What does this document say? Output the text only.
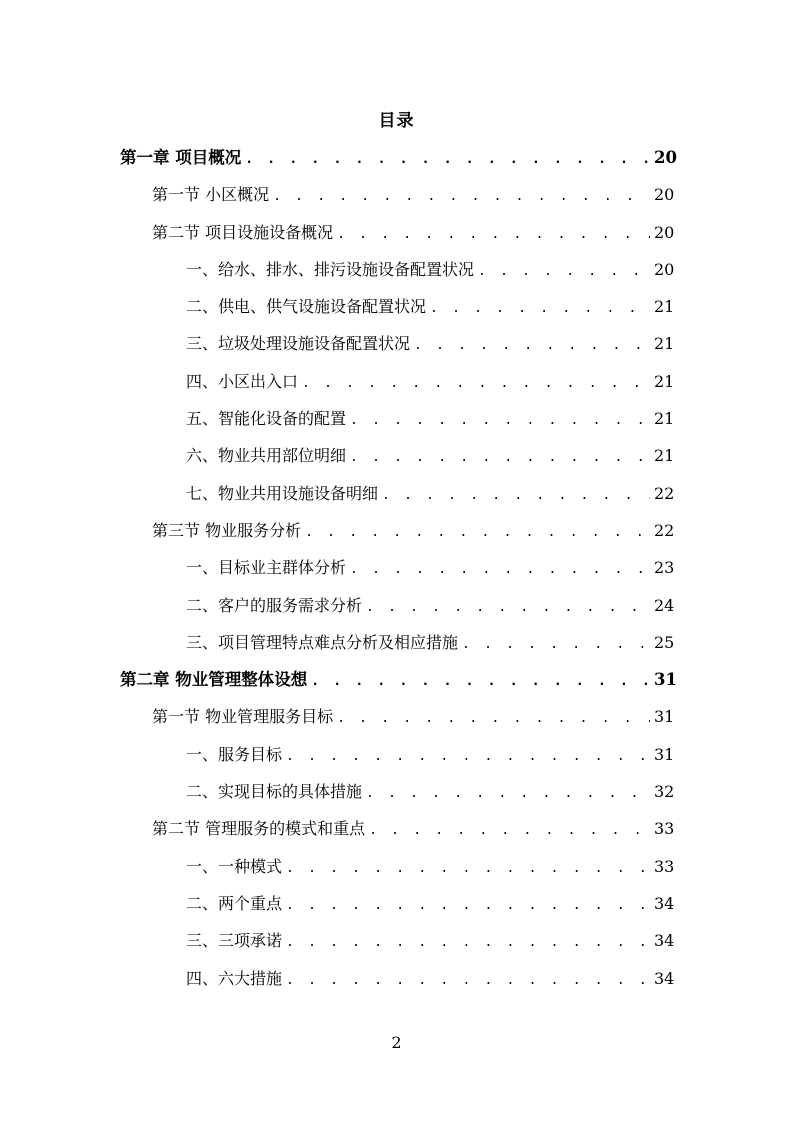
目录
第一章 项目概况 . . .	20
第一节 小区概况 . . .	20
第二节 项目设施设备概况 . . .	20
一、给水、排水、排污设施设备配置状况 . . .	20
二、供电、供气设施设备配置状况 . . .	21
三、垃圾处理设施设备配置状况 . . .	21
四、小区出入口 . . .	21
五、智能化设备的配置 . . .	21
六、物业共用部位明细 . . .	21
七、物业共用设施设备明细 . . .	22
第三节 物业服务分析 . . .	22
一、目标业主群体分析 . . .	23
二、客户的服务需求分析 . . .	24
三、项目管理特点难点分析及相应措施 . . .	25
第二章 物业管理整体设想 . . .	31
第一节 物业管理服务目标 . . .	31
一、服务目标 . . .	31
二、实现目标的具体措施 . . .	32
第二节 管理服务的模式和重点 . . .	33
一、一种模式 . . .	33
二、两个重点 . . .	34
三、三项承诺 . . .	34
四、六大措施 . . .	34
2
